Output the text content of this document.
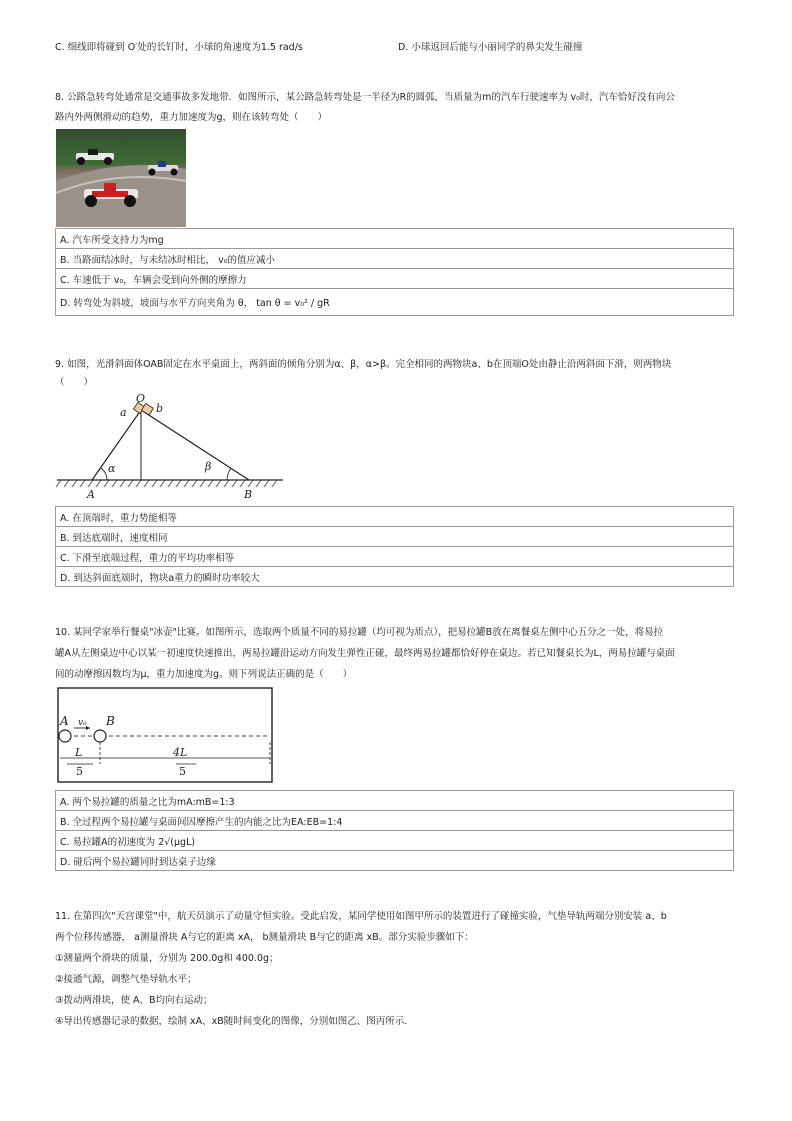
C. 细线即将碰到 O′处的长钉时，小球的角速度为1.5 rad/s	D. 小球返回后能与小丽同学的鼻尖发生碰撞
8. 公路急转弯处通常是交通事故多发地带．如图所示，某公路急转弯处是一半径为R的圆弧，当质量为m的汽车行驶速率为 v₀时，汽车恰好没有向公
路内外两侧滑动的趋势，重力加速度为g，则在该转弯处（　　）
A. 汽车所受支持力为mg
B. 当路面结冰时，与未结冰时相比， v₀的值应减小
C. 车速低于 v₀，车辆会受到向外侧的摩擦力
D. 转弯处为斜坡，坡面与水平方向夹角为 θ， tan θ = v₀² / gR
9. 如图，光滑斜面体OAB固定在水平桌面上，两斜面的倾角分别为α、β，α>β。完全相同的两物块a、b在顶端O处由静止沿两斜面下滑，则两物块
（　　）
O
a	b
α	β
A	B
A. 在顶端时，重力势能相等
B. 到达底端时，速度相同
C. 下滑至底端过程，重力的平均功率相等
D. 到达斜面底端时，物块a重力的瞬时功率较大
10. 某同学家举行餐桌"冰壶"比赛。如图所示，选取两个质量不同的易拉罐（均可视为质点），把易拉罐B放在离餐桌左侧中心五分之一处，将易拉
罐A从左侧桌边中心以某一初速度快速推出，两易拉罐沿运动方向发生弹性正碰，最终两易拉罐都恰好停在桌边。若已知餐桌长为L，两易拉罐与桌面
间的动摩擦因数均为μ，重力加速度为g。则下列说法正确的是（　　）
A v₀ B
L
5
4L
5
A. 两个易拉罐的质量之比为mA:mB=1:3
B. 全过程两个易拉罐与桌面间因摩擦产生的内能之比为EA:EB=1:4
C. 易拉罐A的初速度为 2√(μgL)
D. 碰后两个易拉罐同时到达桌子边缘
11. 在第四次"天宫课堂"中，航天员演示了动量守恒实验。受此启发，某同学使用如图甲所示的装置进行了碰撞实验，气垫导轨两端分别安装 a、b
两个位移传感器， a测量滑块 A与它的距离 xA， b测量滑块 B与它的距离 xB。部分实验步骤如下：
①测量两个滑块的质量，分别为 200.0g和 400.0g；
②接通气源，调整气垫导轨水平；
③拨动两滑块，使 A、B均向右运动；
④导出传感器记录的数据，绘制 xA、xB随时间变化的图像，分别如图乙、图丙所示.
